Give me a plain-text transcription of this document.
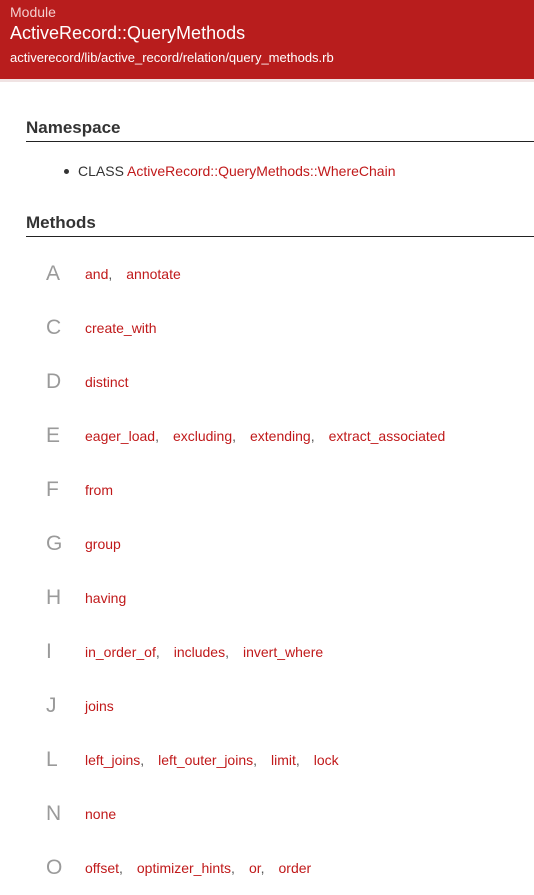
Module
ActiveRecord::QueryMethods
activerecord/lib/active_record/relation/query_methods.rb
Namespace
CLASS ActiveRecord::QueryMethods::WhereChain
Methods
A	and, annotate
C	create_with
D	distinct
E	eager_load, excluding, extending, extract_associated
F	from
G	group
H	having
I	in_order_of, includes, invert_where
J	joins
L	left_joins, left_outer_joins, limit, lock
N	none
O	offset, optimizer_hints, or, order
